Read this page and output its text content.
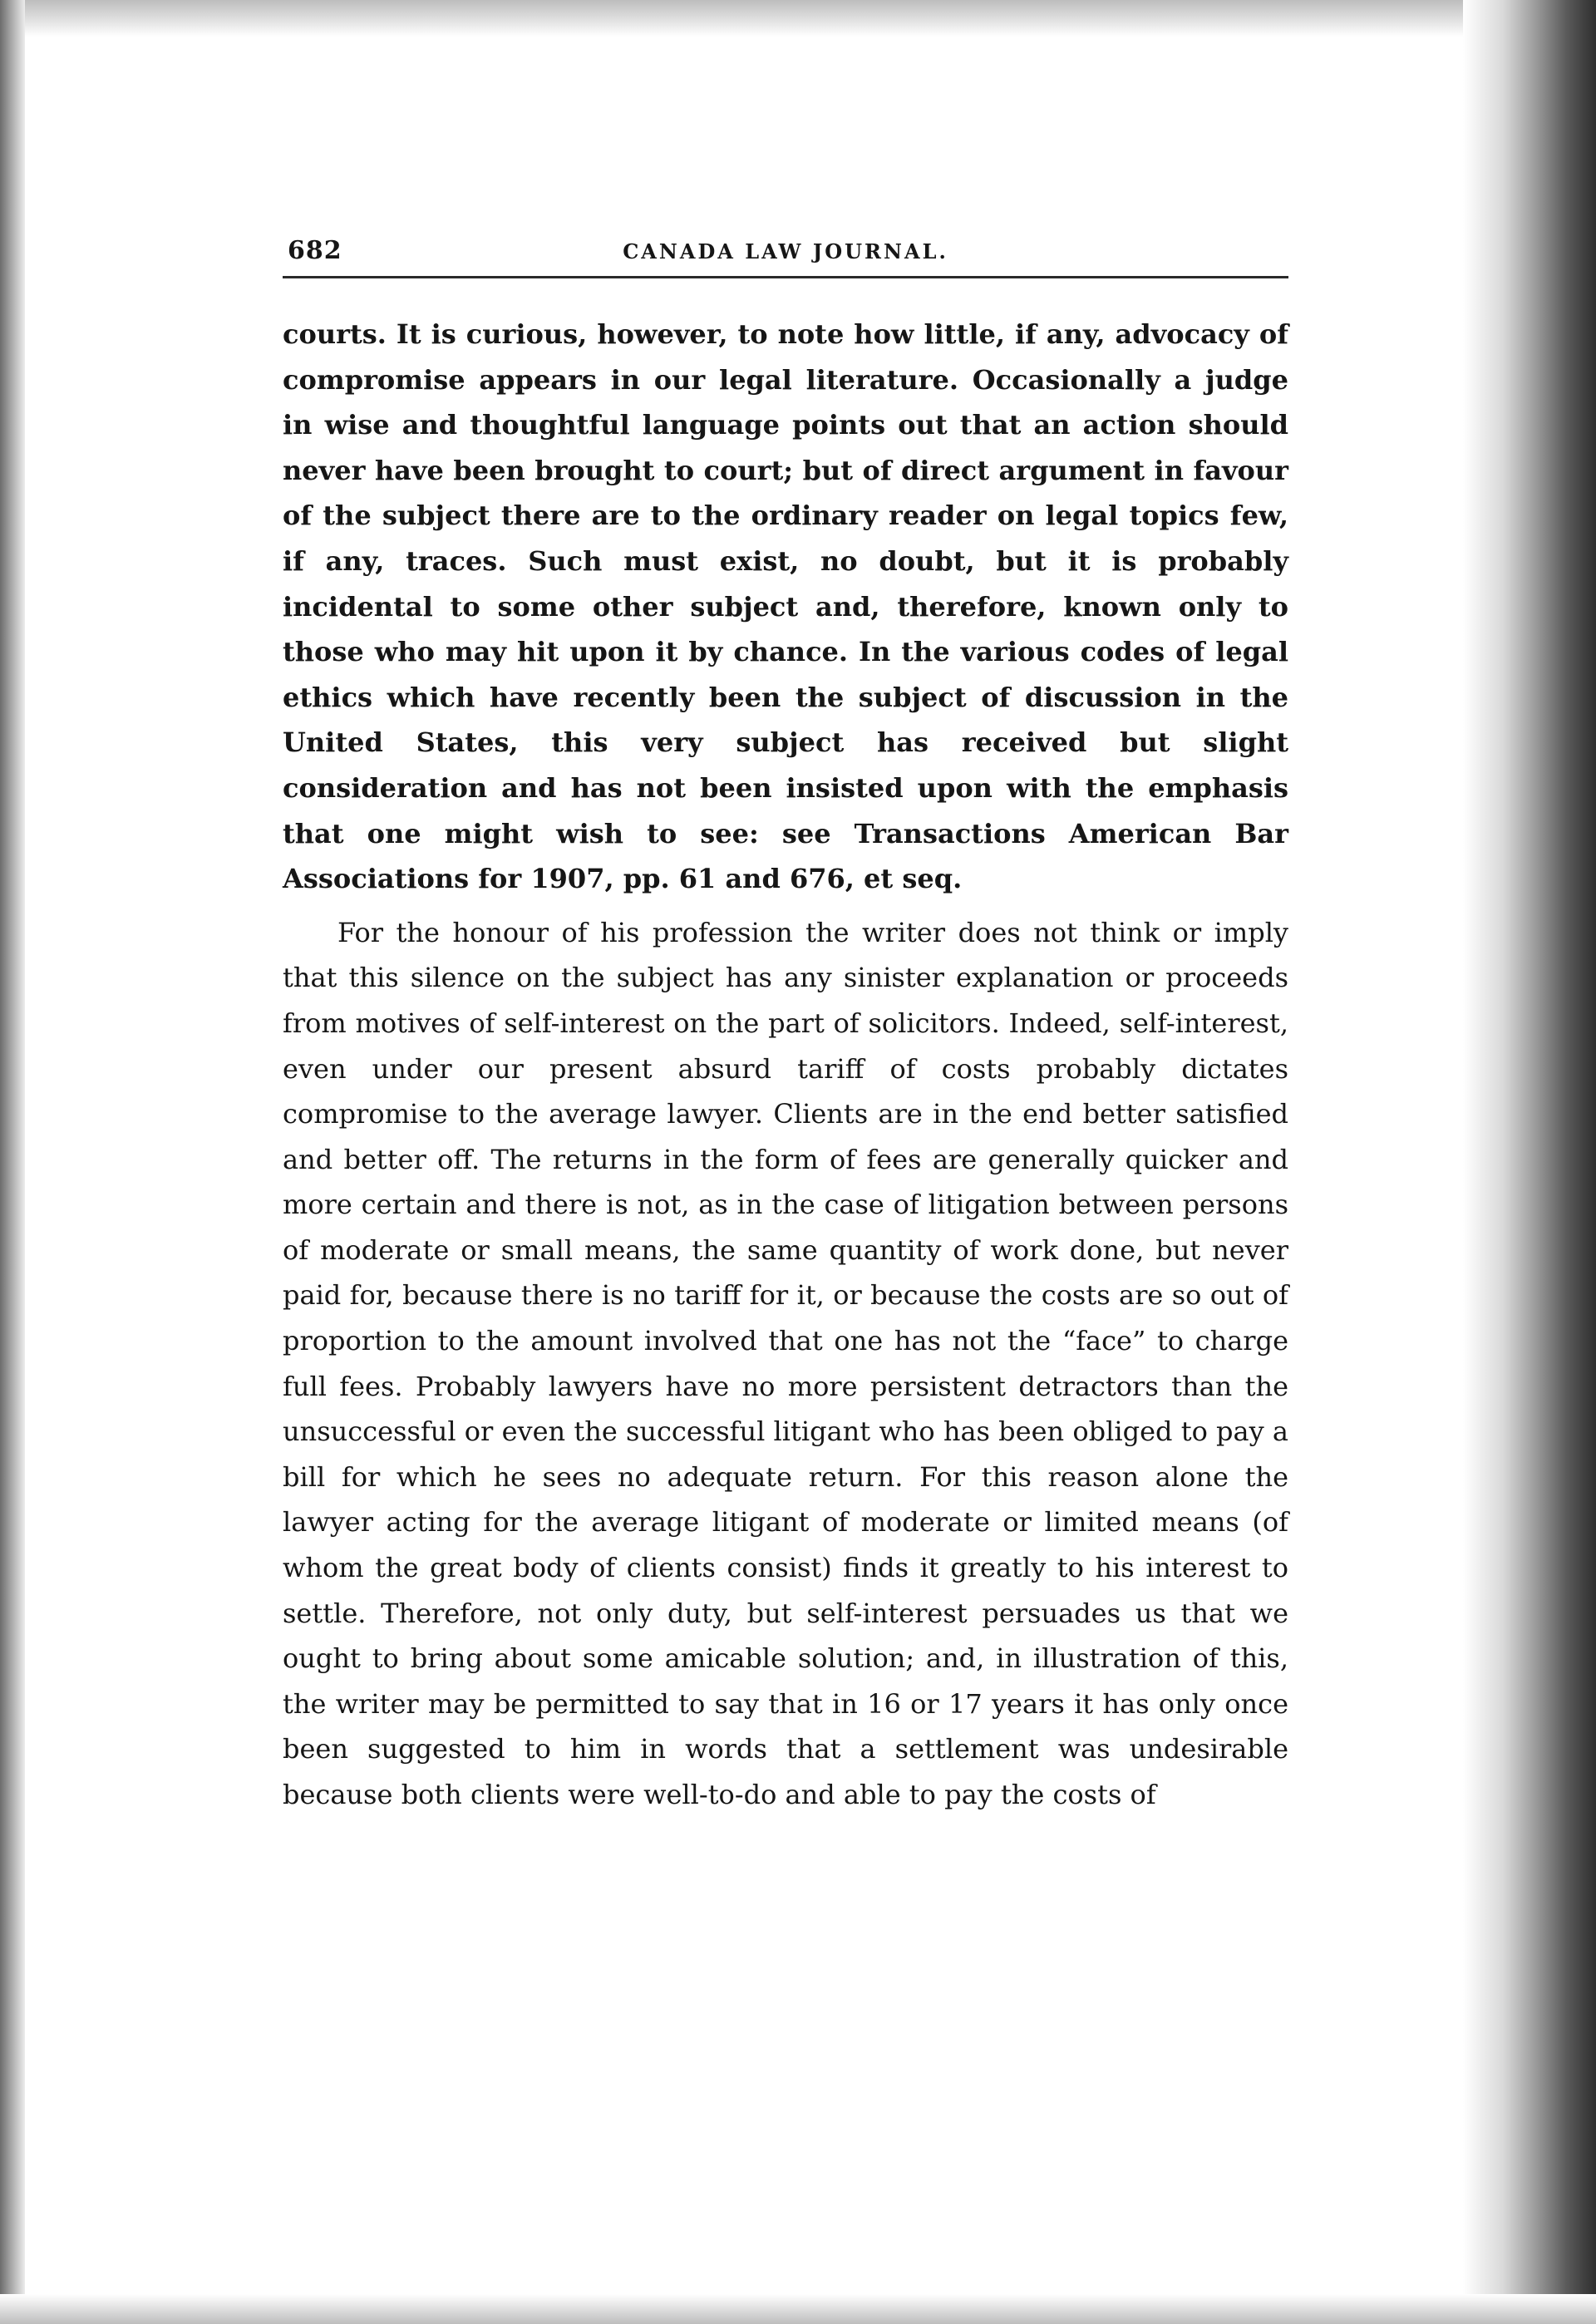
682	CANADA LAW JOURNAL.

courts. It is curious, however, to note how little, if any, advocacy of compromise appears in our legal literature. Occasionally a judge in wise and thoughtful language points out that an action should never have been brought to court; but of direct argument in favour of the subject there are to the ordinary reader on legal topics few, if any, traces. Such must exist, no doubt, but it is probably incidental to some other subject and, therefore, known only to those who may hit upon it by chance. In the various codes of legal ethics which have recently been the subject of discussion in the United States, this very subject has received but slight consideration and has not been insisted upon with the emphasis that one might wish to see: see Transactions American Bar Associations for 1907, pp. 61 and 676, et seq.

For the honour of his profession the writer does not think or imply that this silence on the subject has any sinister explanation or proceeds from motives of self-interest on the part of solicitors. Indeed, self-interest, even under our present absurd tariff of costs probably dictates compromise to the average lawyer. Clients are in the end better satisfied and better off. The returns in the form of fees are generally quicker and more certain and there is not, as in the case of litigation between persons of moderate or small means, the same quantity of work done, but never paid for, because there is no tariff for it, or because the costs are so out of proportion to the amount involved that one has not the “face” to charge full fees. Probably lawyers have no more persistent detractors than the unsuccessful or even the successful litigant who has been obliged to pay a bill for which he sees no adequate return. For this reason alone the lawyer acting for the average litigant of moderate or limited means (of whom the great body of clients consist) finds it greatly to his interest to settle. Therefore, not only duty, but self-interest persuades us that we ought to bring about some amicable solution; and, in illustration of this, the writer may be permitted to say that in 16 or 17 years it has only once been suggested to him in words that a settlement was undesirable because both clients were well-to-do and able to pay the costs of
